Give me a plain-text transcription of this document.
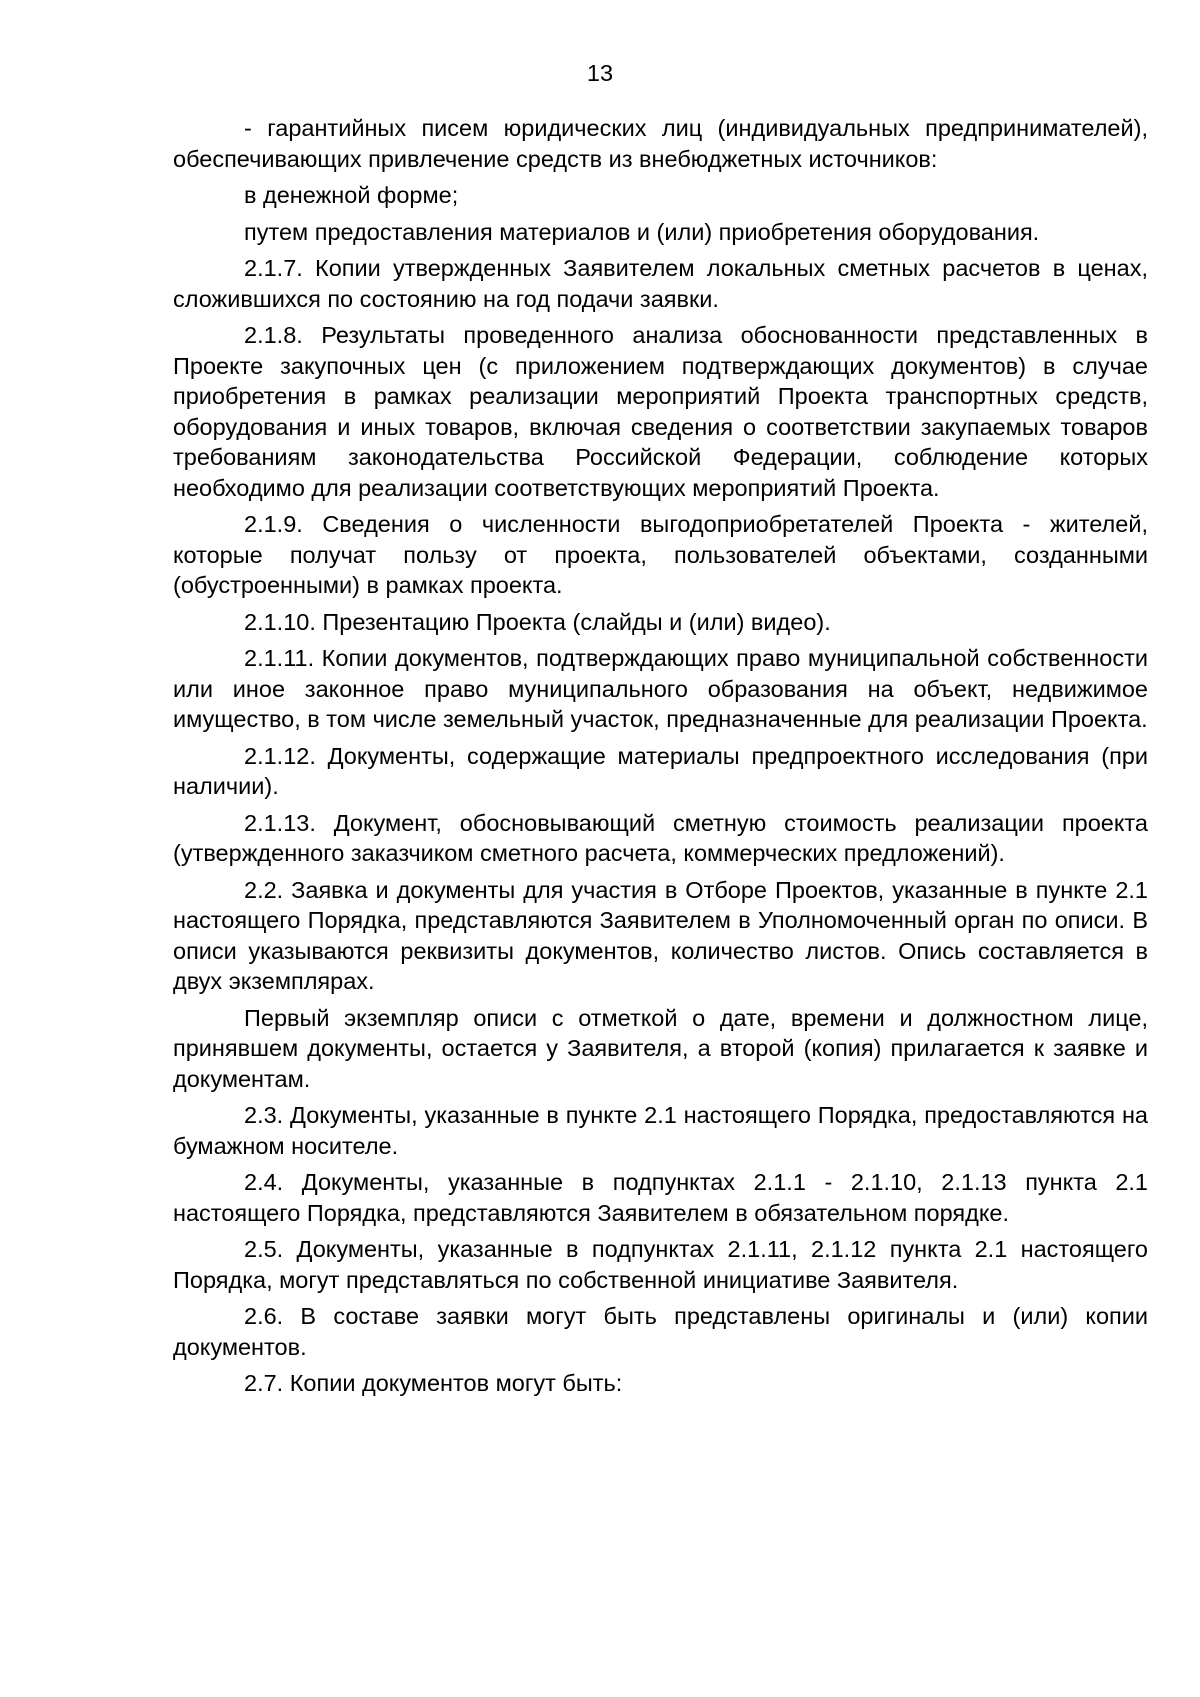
13

- гарантийных писем юридических лиц (индивидуальных предпринимателей), обеспечивающих привлечение средств из внебюджетных источников:

в денежной форме;

путем предоставления материалов и (или) приобретения оборудования.

2.1.7. Копии утвержденных Заявителем локальных сметных расчетов в ценах, сложившихся по состоянию на год подачи заявки.

2.1.8. Результаты проведенного анализа обоснованности представленных в Проекте закупочных цен (с приложением подтверждающих документов) в случае приобретения в рамках реализации мероприятий Проекта транспортных средств, оборудования и иных товаров, включая сведения о соответствии закупаемых товаров требованиям законодательства Российской Федерации, соблюдение которых необходимо для реализации соответствующих мероприятий Проекта.

2.1.9. Сведения о численности выгодоприобретателей Проекта - жителей, которые получат пользу от проекта, пользователей объектами, созданными (обустроенными) в рамках проекта.

2.1.10. Презентацию Проекта (слайды и (или) видео).

2.1.11. Копии документов, подтверждающих право муниципальной собственности или иное законное право муниципального образования на объект, недвижимое имущество, в том числе земельный участок, предназначенные для реализации Проекта.

2.1.12. Документы, содержащие материалы предпроектного исследования (при наличии).

2.1.13. Документ, обосновывающий сметную стоимость реализации проекта (утвержденного заказчиком сметного расчета, коммерческих предложений).

2.2. Заявка и документы для участия в Отборе Проектов, указанные в пункте 2.1 настоящего Порядка, представляются Заявителем в Уполномоченный орган по описи. В описи указываются реквизиты документов, количество листов. Опись составляется в двух экземплярах.

Первый экземпляр описи с отметкой о дате, времени и должностном лице, принявшем документы, остается у Заявителя, а второй (копия) прилагается к заявке и документам.

2.3. Документы, указанные в пункте 2.1 настоящего Порядка, предоставляются на бумажном носителе.

2.4. Документы, указанные в подпунктах 2.1.1 - 2.1.10, 2.1.13 пункта 2.1 настоящего Порядка, представляются Заявителем в обязательном порядке.

2.5. Документы, указанные в подпунктах 2.1.11, 2.1.12 пункта 2.1 настоящего Порядка, могут представляться по собственной инициативе Заявителя.

2.6. В составе заявки могут быть представлены оригиналы и (или) копии документов.

2.7. Копии документов могут быть:
